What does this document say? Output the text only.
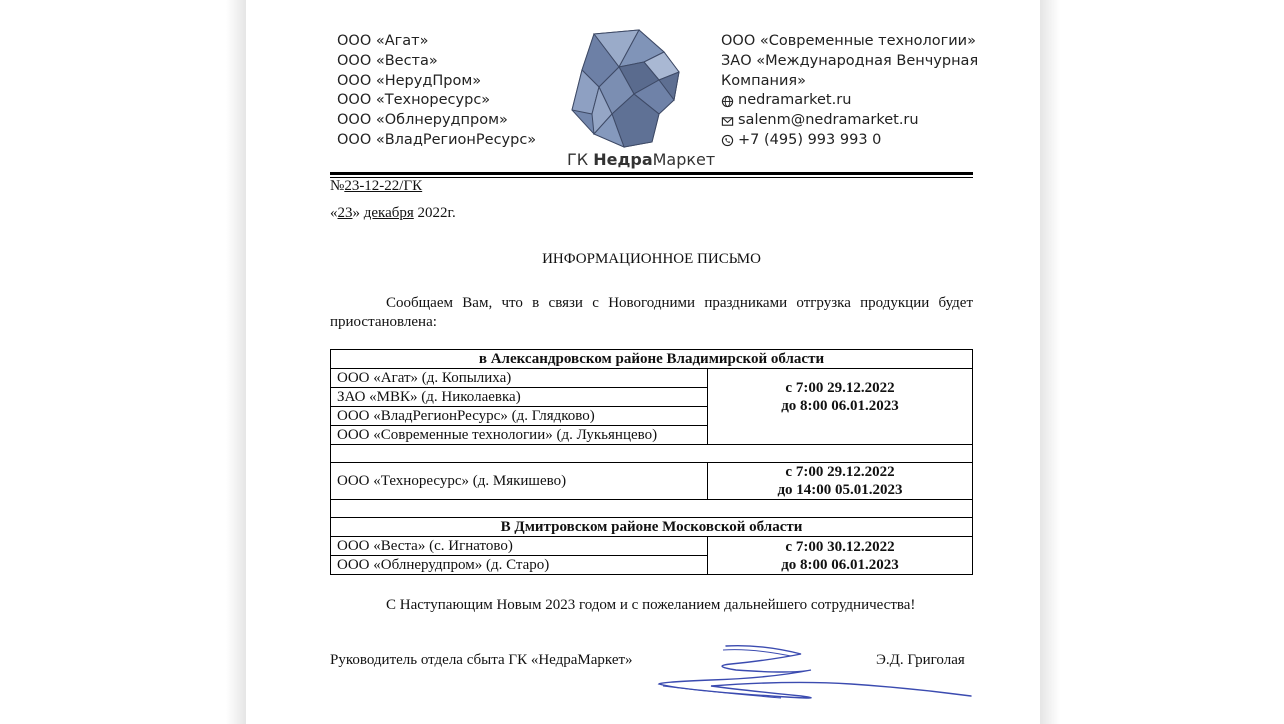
ООО «Агат»
ООО «Веста»
ООО «НерудПром»
ООО «Техноресурс»
ООО «Облнерудпром»
ООО «ВладРегионРесурс»
ГК НедраМаркет
ООО «Современные технологии»
ЗАО «Международная Венчурная
Компания»
nedramarket.ru
salenm@nedramarket.ru
+7 (495) 993 993 0
№23-12-22/ГК
«23» декабря 2022г.
ИНФОРМАЦИОННОЕ ПИСЬМО
Сообщаем Вам, что в связи с Новогодними праздниками отгрузка продукции будет приостановлена:
в Александровском районе Владимирской области	
ООО «Агат» (д. Копылиха)	с 7:00 29.12.2022
до 8:00 06.01.2023

ЗАО «МВК» (д. Николаевка)	
ООО «ВладРегионРесурс» (д. Глядково)	
ООО «Современные технологии» (д. Лукьянцево)	

ООО «Техноресурс» (д. Мякишево)	с 7:00 29.12.2022
до 14:00 05.01.2023

В Дмитровском районе Московской области	
ООО «Веста» (с. Игнатово)	с 7:00 30.12.2022
до 8:00 06.01.2023

ООО «Облнерудпром» (д. Старо)	
С Наступающим Новым 2023 годом и с пожеланием дальнейшего сотрудничества!
Руководитель отдела сбыта ГК «НедраМаркет»	Э.Д. Григолая
